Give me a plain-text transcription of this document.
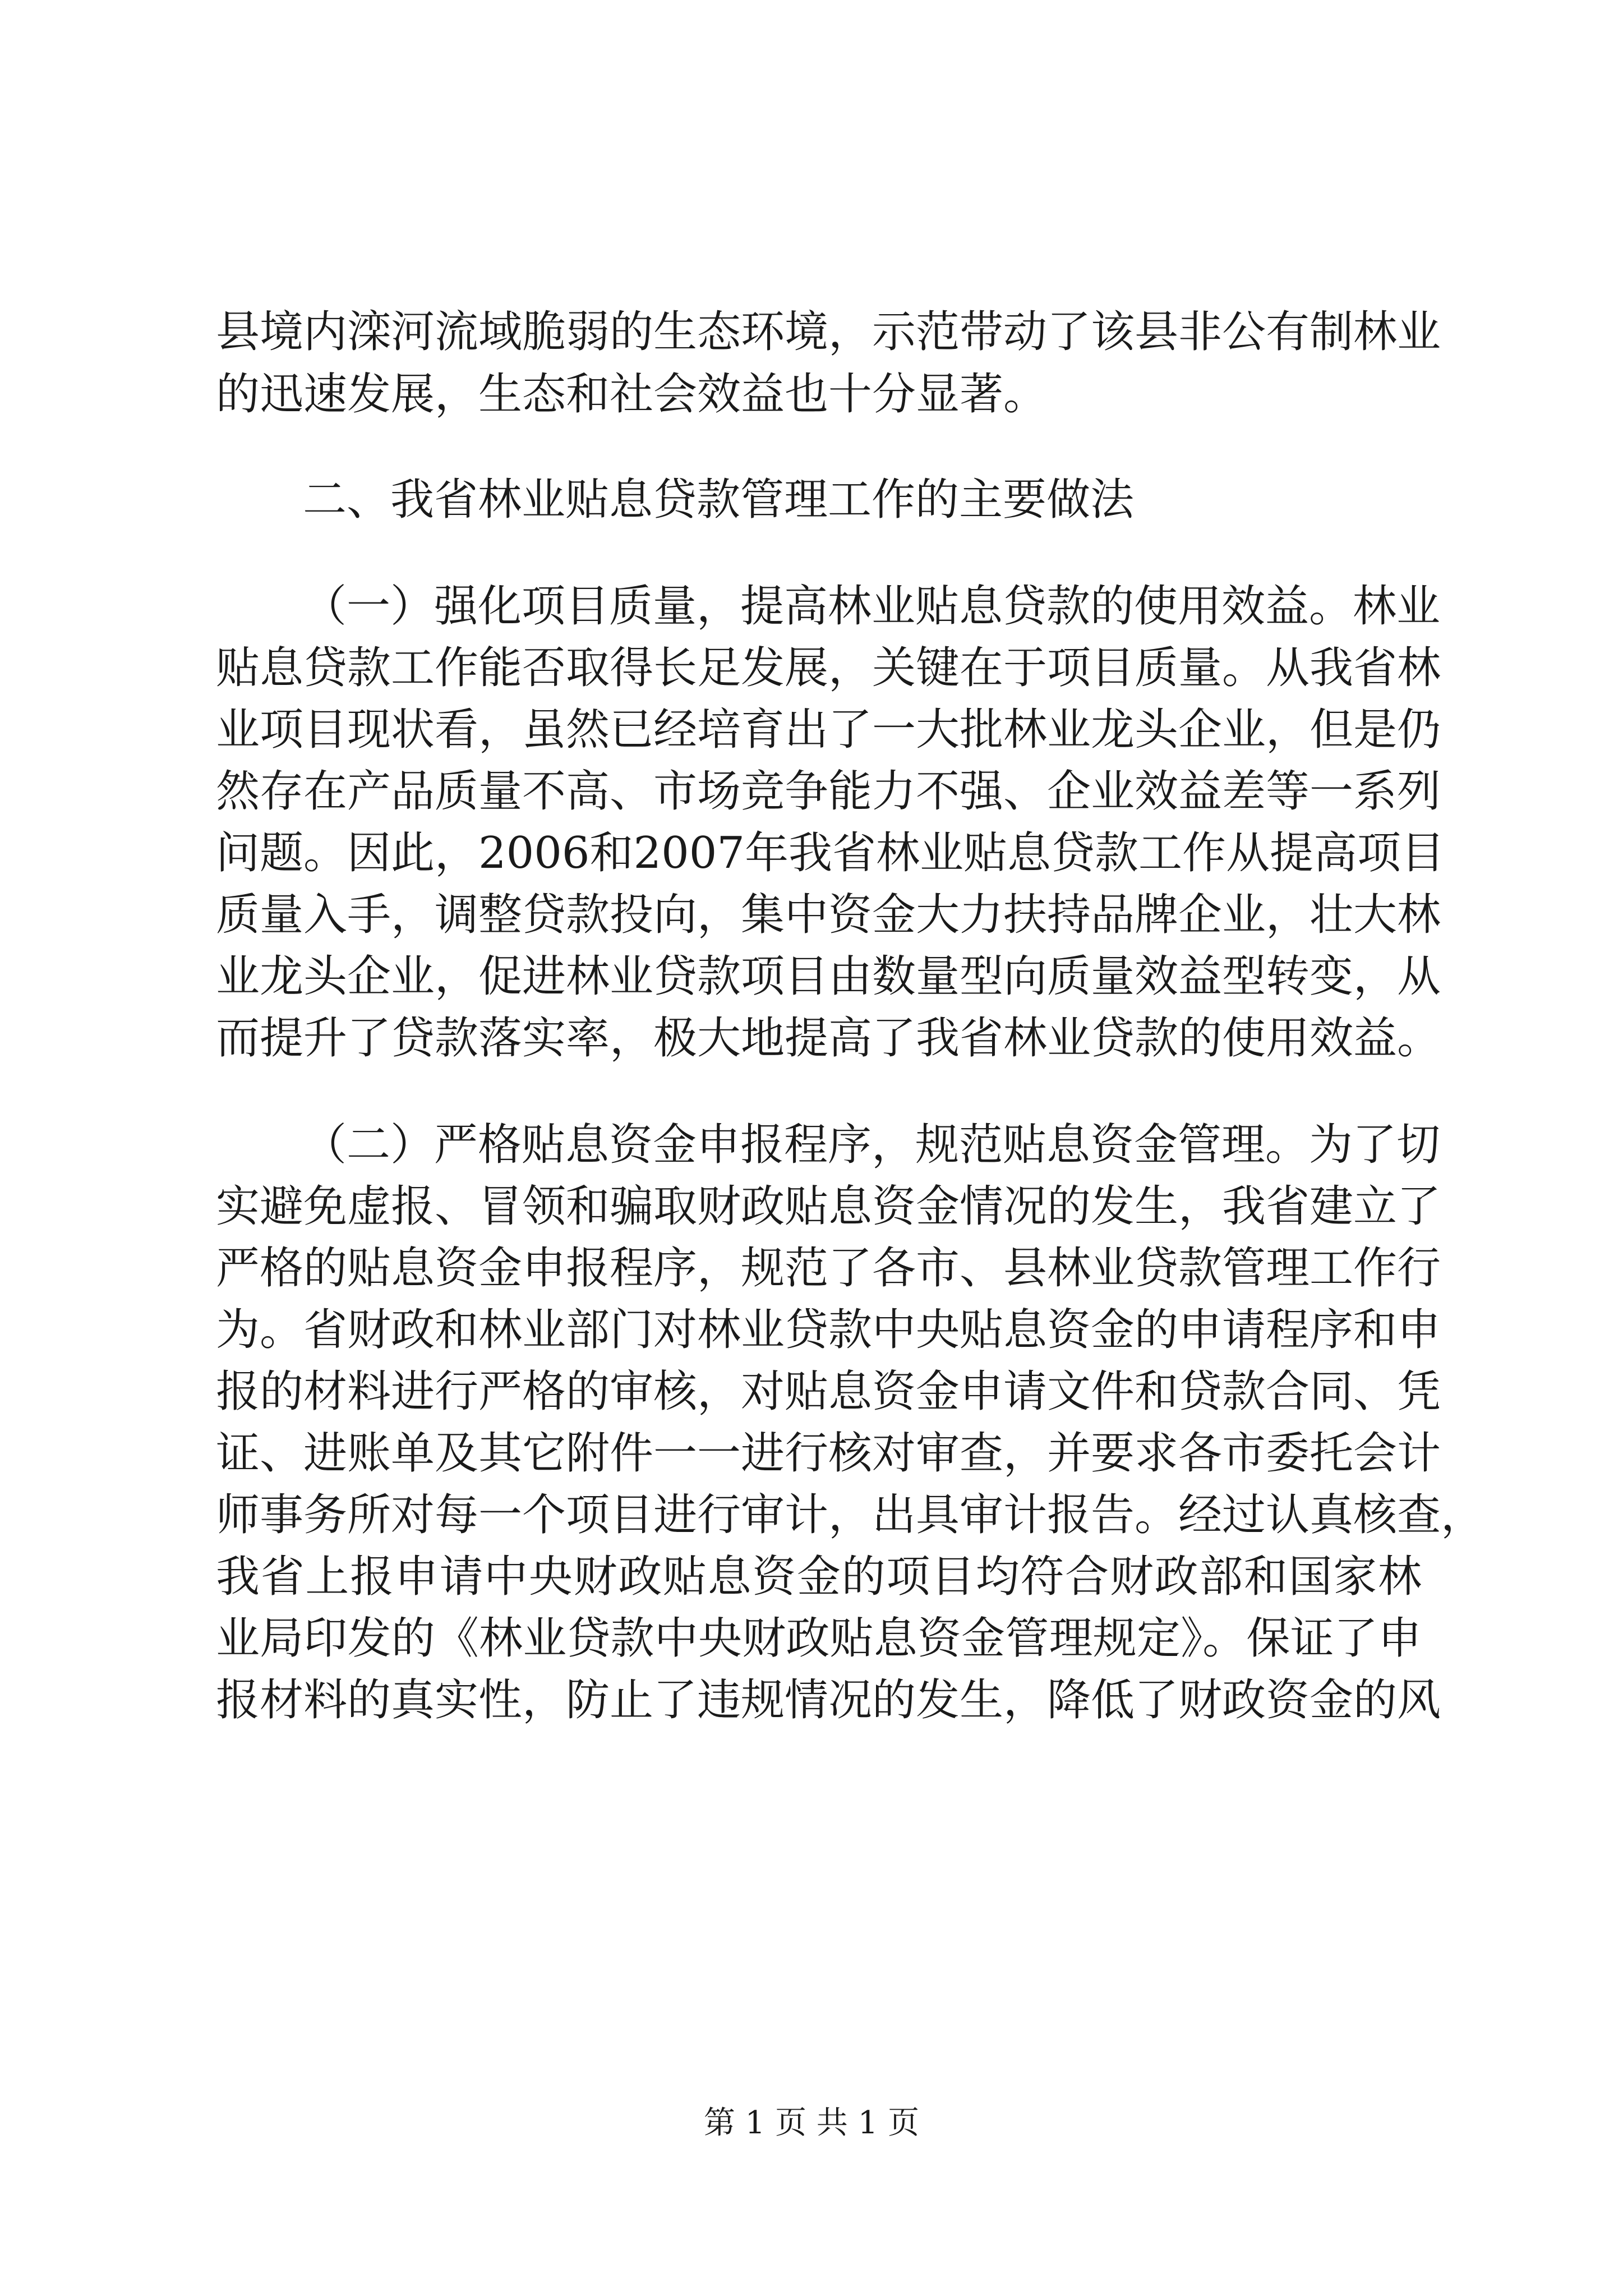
县境内滦河流域脆弱的生态环境，示范带动了该县非公有制林业
的迅速发展，生态和社会效益也十分显著。
二、我省林业贴息贷款管理工作的主要做法
（一）强化项目质量，提高林业贴息贷款的使用效益。林业
贴息贷款工作能否取得长足发展，关键在于项目质量。从我省林
业项目现状看，虽然已经培育出了一大批林业龙头企业，但是仍
然存在产品质量不高、市场竞争能力不强、企业效益差等一系列
问题。因此，2006和2007年我省林业贴息贷款工作从提高项目
质量入手，调整贷款投向，集中资金大力扶持品牌企业，壮大林
业龙头企业，促进林业贷款项目由数量型向质量效益型转变，从
而提升了贷款落实率，极大地提高了我省林业贷款的使用效益。
（二）严格贴息资金申报程序，规范贴息资金管理。为了切
实避免虚报、冒领和骗取财政贴息资金情况的发生，我省建立了
严格的贴息资金申报程序，规范了各市、县林业贷款管理工作行
为。省财政和林业部门对林业贷款中央贴息资金的申请程序和申
报的材料进行严格的审核，对贴息资金申请文件和贷款合同、凭
证、进账单及其它附件一一进行核对审查，并要求各市委托会计
师事务所对每一个项目进行审计，出具审计报告。经过认真核查，
我省上报申请中央财政贴息资金的项目均符合财政部和国家林
业局印发的《林业贷款中央财政贴息资金管理规定》。保证了申
报材料的真实性，防止了违规情况的发生，降低了财政资金的风
第 1 页 共 1 页
